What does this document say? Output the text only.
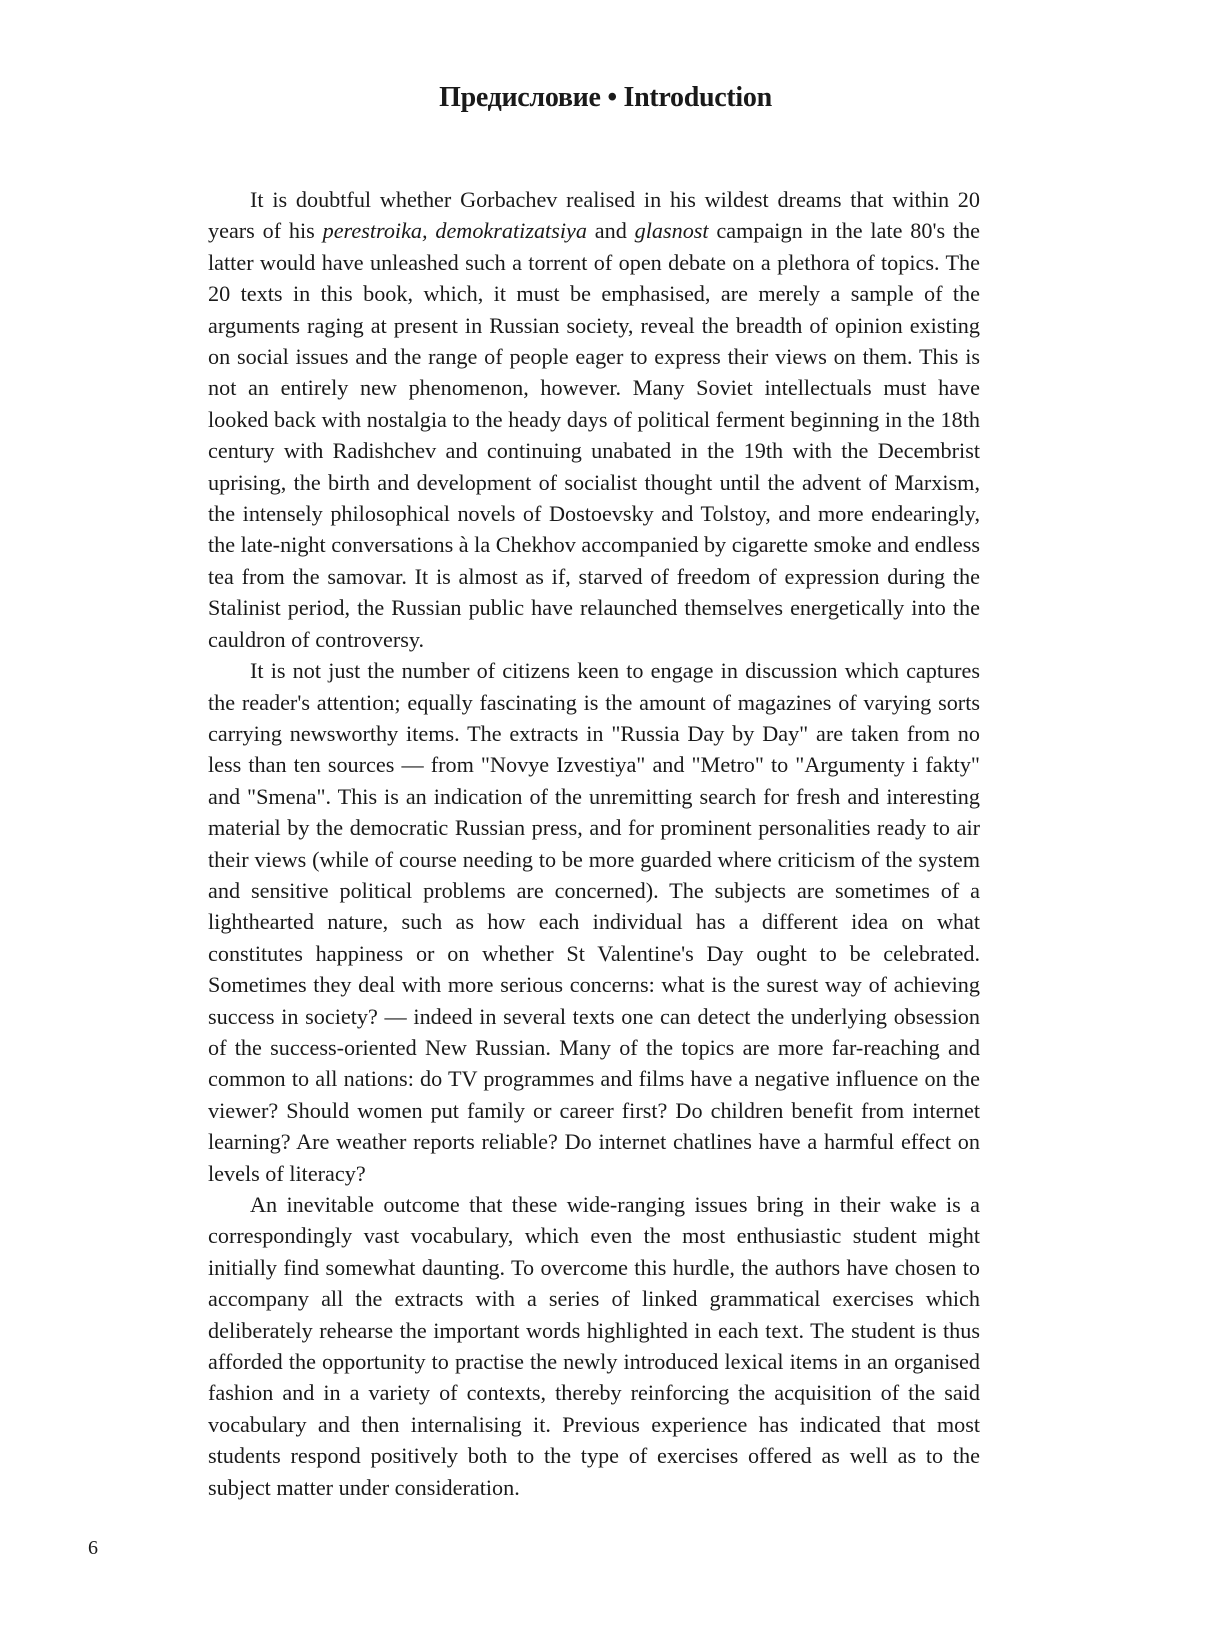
Предисловие • Introduction

It is doubtful whether Gorbachev realised in his wildest dreams that within 20 years of his perestroika, demokratizatsiya and glasnost campaign in the late 80's the latter would have unleashed such a torrent of open debate on a plethora of topics. The 20 texts in this book, which, it must be emphasised, are merely a sample of the arguments raging at present in Russian society, reveal the breadth of opinion existing on social issues and the range of people eager to express their views on them. This is not an entirely new phenomenon, however. Many Soviet intellectuals must have looked back with nostalgia to the heady days of political ferment beginning in the 18th century with Radishchev and continuing unabated in the 19th with the Decembrist uprising, the birth and development of socialist thought until the advent of Marxism, the intensely philosophical novels of Dostoevsky and Tolstoy, and more endearingly, the late-night conversations à la Chekhov accompanied by cigarette smoke and endless tea from the samovar. It is almost as if, starved of freedom of expression during the Stalinist period, the Russian public have relaunched themselves energetically into the cauldron of controversy.

It is not just the number of citizens keen to engage in discussion which captures the reader's attention; equally fascinating is the amount of magazines of varying sorts carrying newsworthy items. The extracts in "Russia Day by Day" are taken from no less than ten sources — from "Novye Izvestiya" and "Metro" to "Argumenty i fakty" and "Smena". This is an indication of the unremitting search for fresh and interesting material by the democratic Russian press, and for prominent personalities ready to air their views (while of course needing to be more guarded where criticism of the system and sensitive political problems are concerned). The subjects are sometimes of a lighthearted nature, such as how each individual has a different idea on what constitutes happiness or on whether St Valentine's Day ought to be celebrated. Sometimes they deal with more serious concerns: what is the surest way of achieving success in society? — indeed in several texts one can detect the underlying obsession of the success-oriented New Russian. Many of the topics are more far-reaching and common to all nations: do TV programmes and films have a negative influence on the viewer? Should women put family or career first? Do children benefit from internet learning? Are weather reports reliable? Do internet chatlines have a harmful effect on levels of literacy?

An inevitable outcome that these wide-ranging issues bring in their wake is a correspondingly vast vocabulary, which even the most enthusiastic student might initially find somewhat daunting. To overcome this hurdle, the authors have chosen to accompany all the extracts with a series of linked grammatical exercises which deliberately rehearse the important words highlighted in each text. The student is thus afforded the opportunity to practise the newly introduced lexical items in an organised fashion and in a variety of contexts, thereby reinforcing the acquisition of the said vocabulary and then internalising it. Previous experience has indicated that most students respond positively both to the type of exercises offered as well as to the subject matter under consideration.

6
